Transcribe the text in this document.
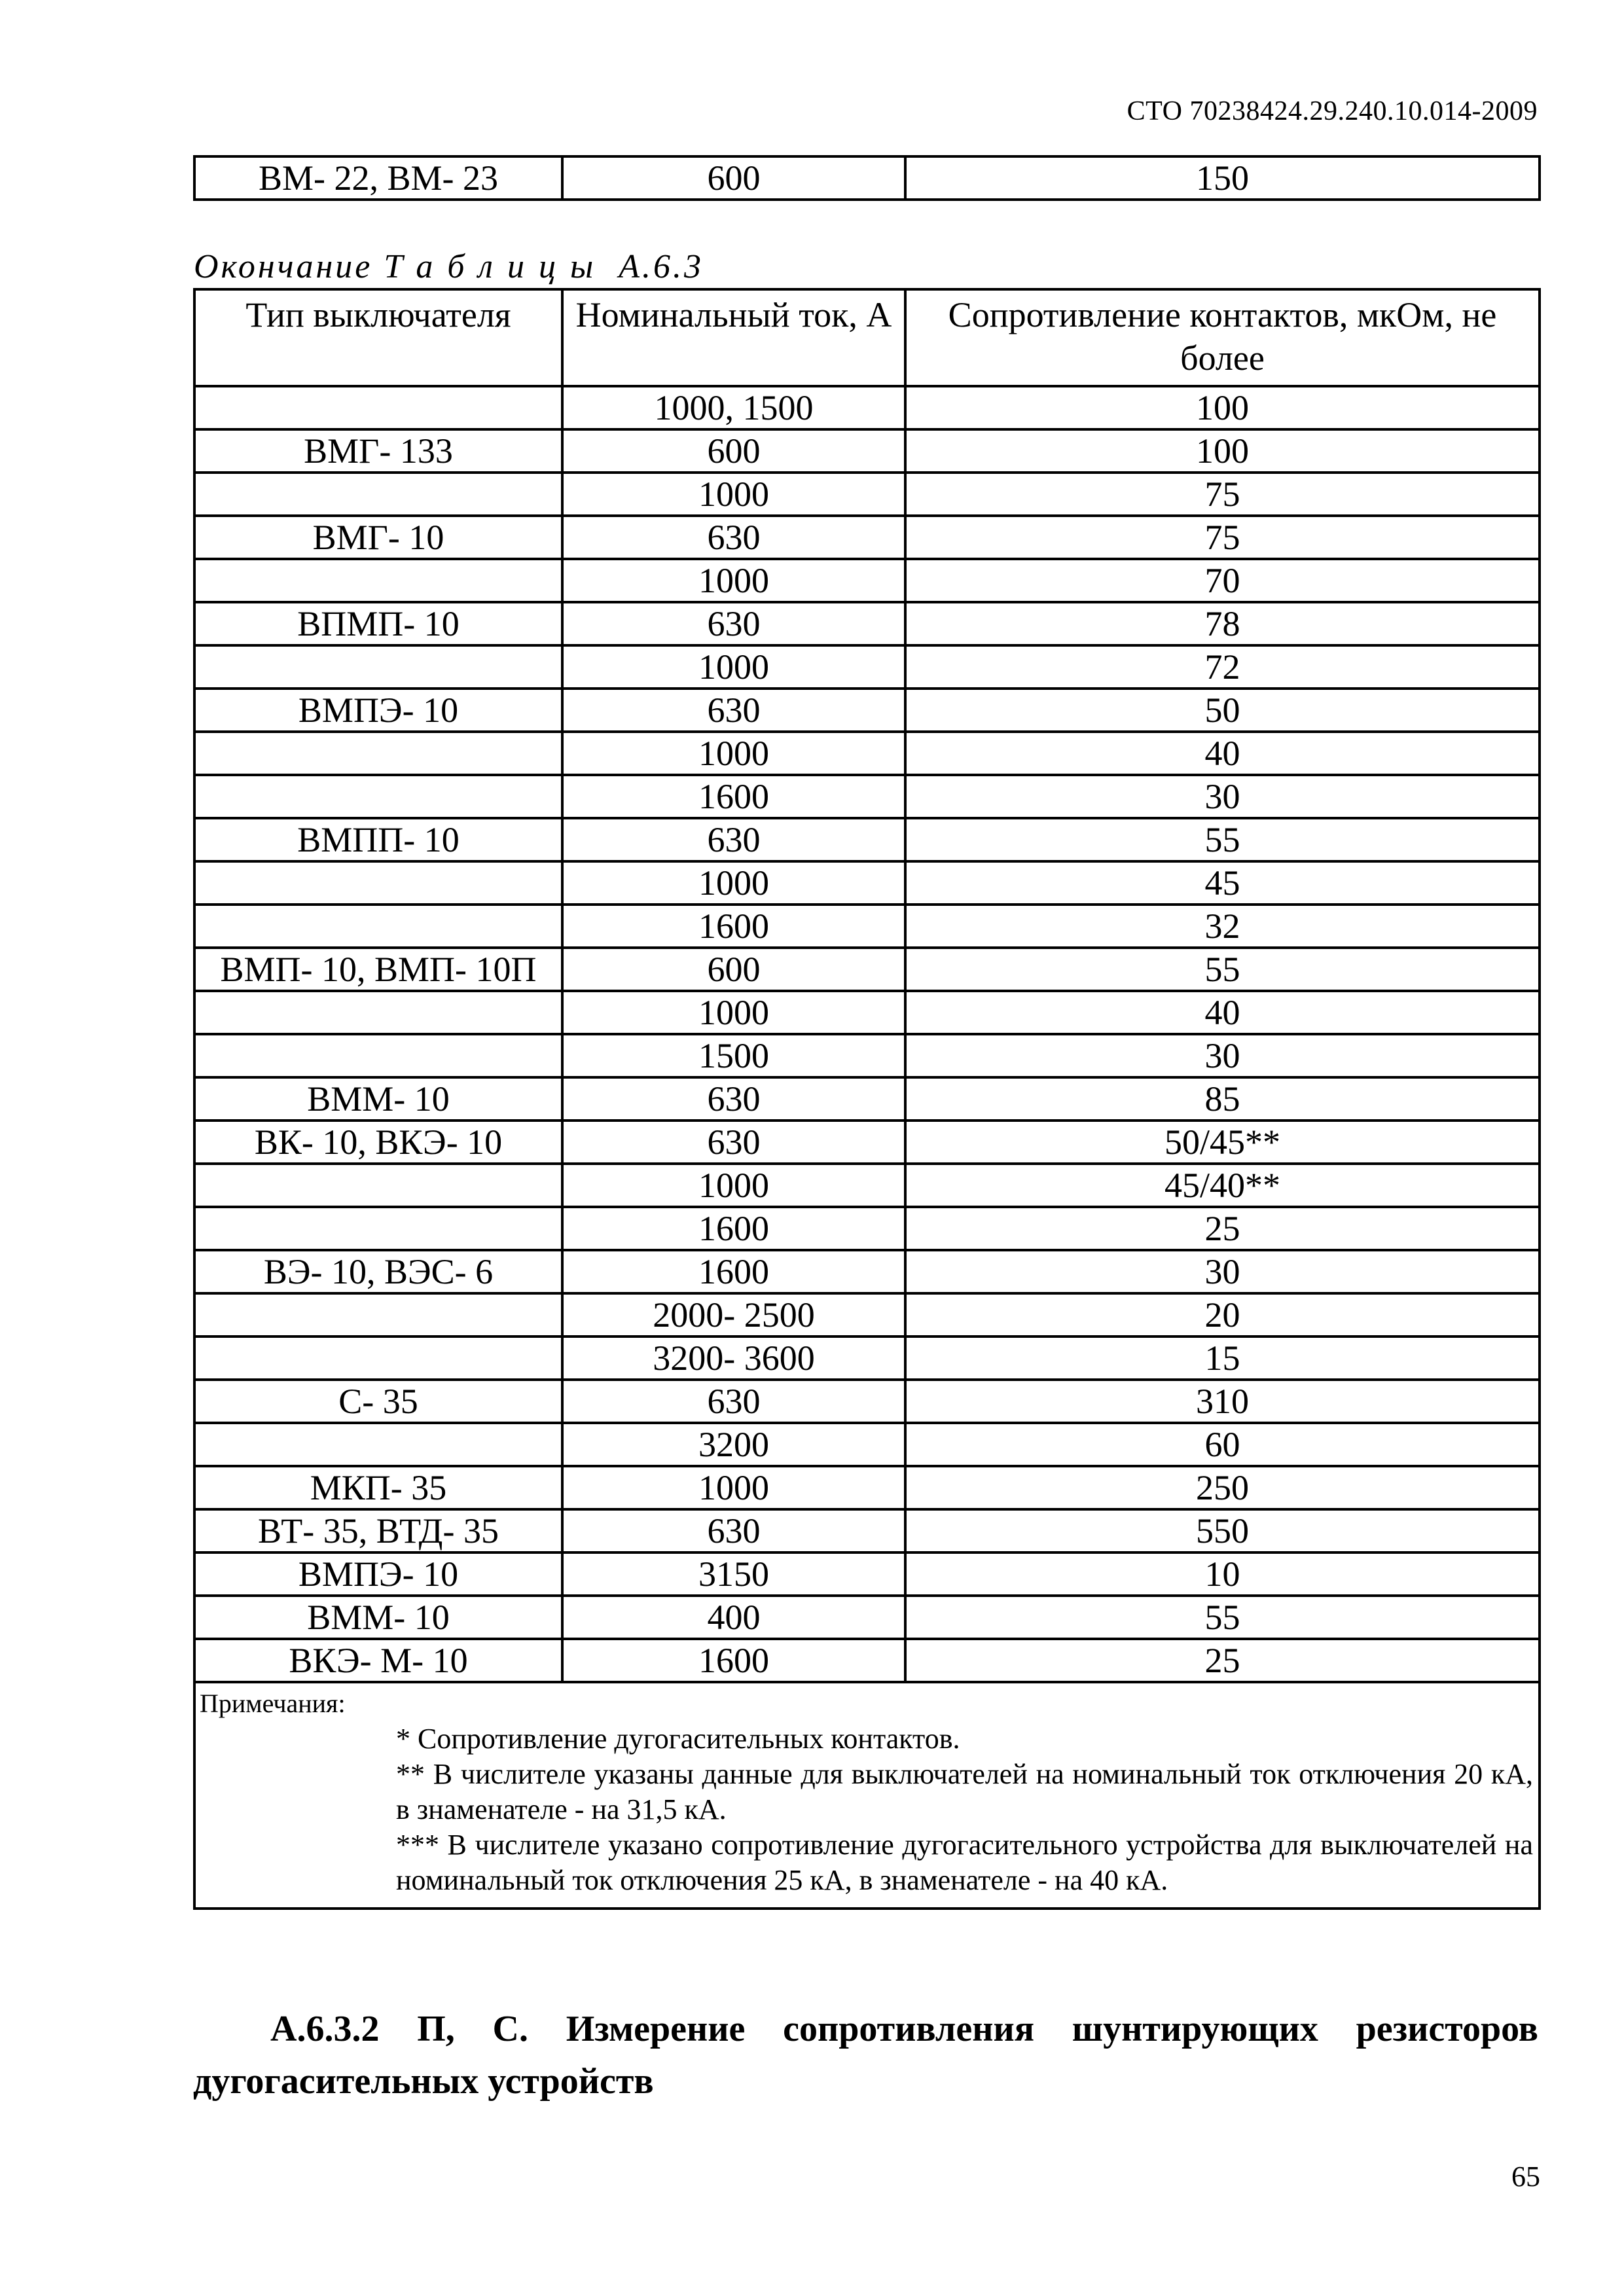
СТО 70238424.29.240.10.014-2009
ВМ- 22, ВМ- 23	600	150
Окончание Таблицы А.6.3
Тип выключателя	Номинальный ток, А	Сопротивление контактов, мкОм, не более
	1000, 1500	100
ВМГ- 133	600	100
	1000	75
ВМГ- 10	630	75
	1000	70
ВПМП- 10	630	78
	1000	72
ВМПЭ- 10	630	50
	1000	40
	1600	30
ВМПП- 10	630	55
	1000	45
	1600	32
ВМП- 10, ВМП- 10П	600	55
	1000	40
	1500	30
ВММ- 10	630	85
ВК- 10, ВКЭ- 10	630	50/45**
	1000	45/40**
	1600	25
ВЭ- 10, ВЭС- 6	1600	30
	2000- 2500	20
	3200- 3600	15
С- 35	630	310
	3200	60
МКП- 35	1000	250
ВТ- 35, ВТД- 35	630	550
ВМПЭ- 10	3150	10
ВММ- 10	400	55
ВКЭ- М- 10	1600	25

Примечания:
* Сопротивление дугогасительных контактов.
** В числителе указаны данные для выключателей на номинальный ток отключения 20 кА, в знаменателе - на 31,5 кА.
*** В числителе указано сопротивление дугогасительного устройства для выключателей на номинальный ток отключения 25 кА, в знаменателе - на 40 кА.		
А.6.3.2 П, С. Измерение сопротивления шунтирующих резисторов дугогасительных устройств
65
